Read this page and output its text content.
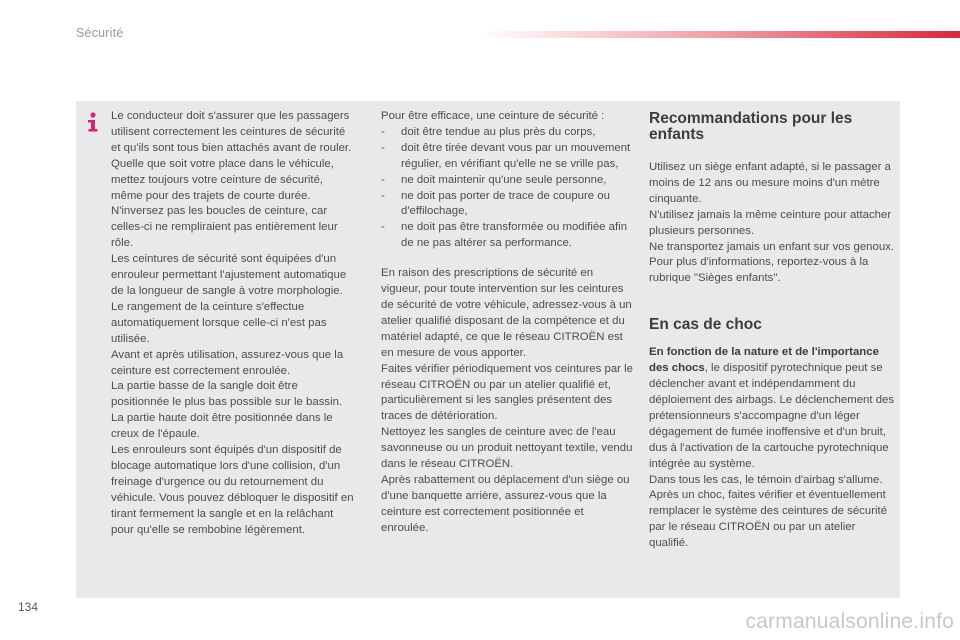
Sécurité

Le conducteur doit s'assurer que les passagers utilisent correctement les ceintures de sécurité et qu'ils sont tous bien attachés avant de rouler.

Quelle que soit votre place dans le véhicule, mettez toujours votre ceinture de sécurité, même pour des trajets de courte durée.

N'inversez pas les boucles de ceinture, car celles-ci ne rempliraient pas entièrement leur rôle.

Les ceintures de sécurité sont équipées d'un enrouleur permettant l'ajustement automatique de la longueur de sangle à votre morphologie. Le rangement de la ceinture s'effectue automatiquement lorsque celle-ci n'est pas utilisée.

Avant et après utilisation, assurez-vous que la ceinture est correctement enroulée.

La partie basse de la sangle doit être positionnée le plus bas possible sur le bassin.

La partie haute doit être positionnée dans le creux de l'épaule.

Les enrouleurs sont équipés d'un dispositif de blocage automatique lors d'une collision, d'un freinage d'urgence ou du retournement du véhicule. Vous pouvez débloquer le dispositif en tirant fermement la sangle et en la relâchant pour qu'elle se rembobine légèrement.

Pour être efficace, une ceinture de sécurité :

-	doit être tendue au plus près du corps,
-	doit être tirée devant vous par un mouvement régulier, en vérifiant qu'elle ne se vrille pas,
-	ne doit maintenir qu'une seule personne,
-	ne doit pas porter de trace de coupure ou d'effilochage,
-	ne doit pas être transformée ou modifiée afin de ne pas altérer sa performance.

En raison des prescriptions de sécurité en vigueur, pour toute intervention sur les ceintures de sécurité de votre véhicule, adressez-vous à un atelier qualifié disposant de la compétence et du matériel adapté, ce que le réseau CITROËN est en mesure de vous apporter.

Faites vérifier périodiquement vos ceintures par le réseau CITROËN ou par un atelier qualifié et, particulièrement si les sangles présentent des traces de détérioration.

Nettoyez les sangles de ceinture avec de l'eau savonneuse ou un produit nettoyant textile, vendu dans le réseau CITROËN.

Après rabattement ou déplacement d'un siège ou d'une banquette arrière, assurez-vous que la ceinture est correctement positionnée et enroulée.

Recommandations pour les enfants

Utilisez un siège enfant adapté, si le passager a moins de 12 ans ou mesure moins d'un mètre cinquante.

N'utilisez jamais la même ceinture pour attacher plusieurs personnes.

Ne transportez jamais un enfant sur vos genoux.

Pour plus d'informations, reportez-vous à la rubrique "Sièges enfants".

En cas de choc

En fonction de la nature et de l'importance des chocs, le dispositif pyrotechnique peut se déclencher avant et indépendamment du déploiement des airbags. Le déclenchement des prétensionneurs s'accompagne d'un léger dégagement de fumée inoffensive et d'un bruit, dus à l'activation de la cartouche pyrotechnique intégrée au système.

Dans tous les cas, le témoin d'airbag s'allume.

Après un choc, faites vérifier et éventuellement remplacer le système des ceintures de sécurité par le réseau CITROËN ou par un atelier qualifié.

134
carmanualsonline.info
